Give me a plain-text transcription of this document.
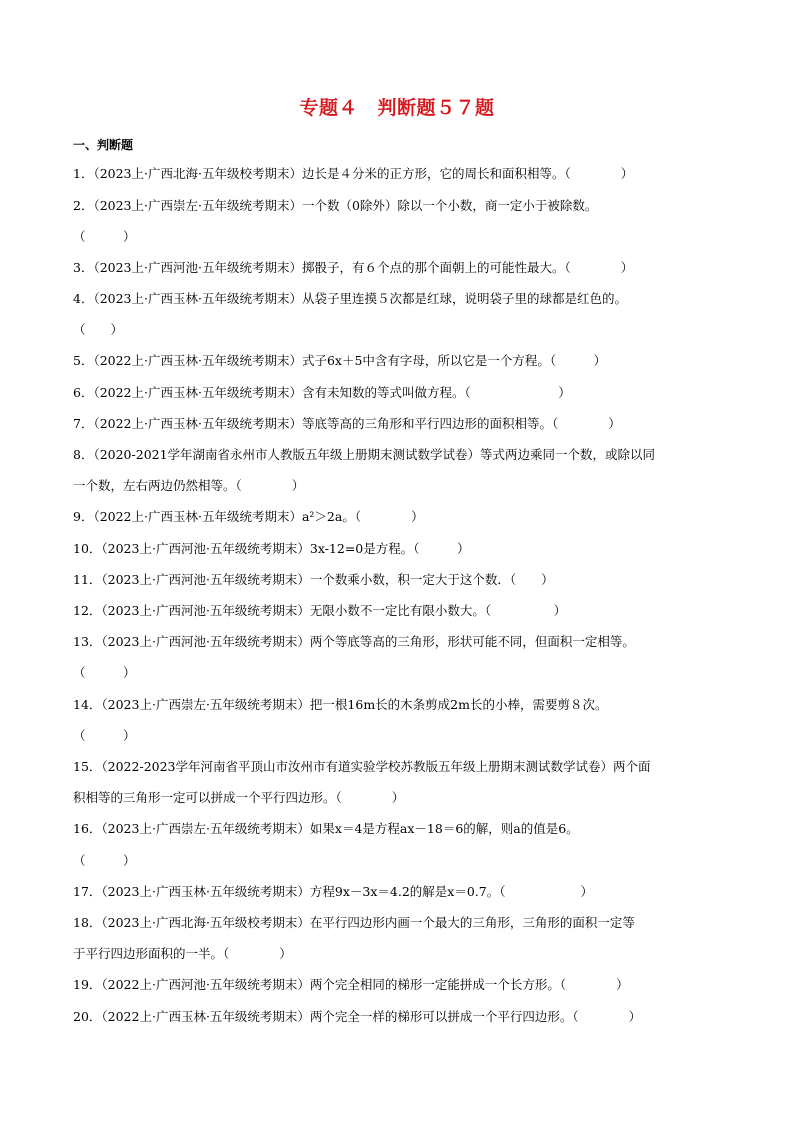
专题４　判断题５７题
一、判断题
1．（2023上·广西北海·五年级校考期末）边长是４分米的正方形，它的周长和面积相等。（　　　　）
2．（2023上·广西崇左·五年级统考期末）一个数（0除外）除以一个小数，商一定小于被除数。
（　　　）
3．（2023上·广西河池·五年级统考期末）掷骰子，有６个点的那个面朝上的可能性最大。（　　　　）
4．（2023上·广西玉林·五年级统考期末）从袋子里连摸５次都是红球，说明袋子里的球都是红色的。
（　　）
5．（2022上·广西玉林·五年级统考期末）式子6x＋5中含有字母，所以它是一个方程。（　　　）
6．（2022上·广西玉林·五年级统考期末）含有未知数的等式叫做方程。（　　　　　　　）
7．（2022上·广西玉林·五年级统考期末）等底等高的三角形和平行四边形的面积相等。（　　　　）
8．（2020-2021学年湖南省永州市人教版五年级上册期末测试数学试卷）等式两边乘同一个数，或除以同
一个数，左右两边仍然相等。（　　　　）
9．（2022上·广西玉林·五年级统考期末）a²＞2a。（　　　　）
10．（2023上·广西河池·五年级统考期末）3x-12=0是方程。（　　　）
11．（2023上·广西河池·五年级统考期末）一个数乘小数，积一定大于这个数．（　　）
12．（2023上·广西河池·五年级统考期末）无限小数不一定比有限小数大。（　　　　　）
13．（2023上·广西河池·五年级统考期末）两个等底等高的三角形，形状可能不同，但面积一定相等。
（　　　）
14．（2023上·广西崇左·五年级统考期末）把一根16m长的木条剪成2m长的小棒，需要剪８次。
（　　　）
15．（2022-2023学年河南省平顶山市汝州市有道实验学校苏教版五年级上册期末测试数学试卷）两个面
积相等的三角形一定可以拼成一个平行四边形。（　　　　）
16．（2023上·广西崇左·五年级统考期末）如果x＝4是方程ax－18＝6的解，则a的值是6。
（　　　）
17．（2023上·广西玉林·五年级统考期末）方程9x－3x＝4.2的解是x＝0.7。（　　　　　　）
18．（2023上·广西北海·五年级校考期末）在平行四边形内画一个最大的三角形，三角形的面积一定等
于平行四边形面积的一半。（　　　　）
19．（2022上·广西河池·五年级统考期末）两个完全相同的梯形一定能拼成一个长方形。（　　　　）
20．（2022上·广西玉林·五年级统考期末）两个完全一样的梯形可以拼成一个平行四边形。（　　　　）
